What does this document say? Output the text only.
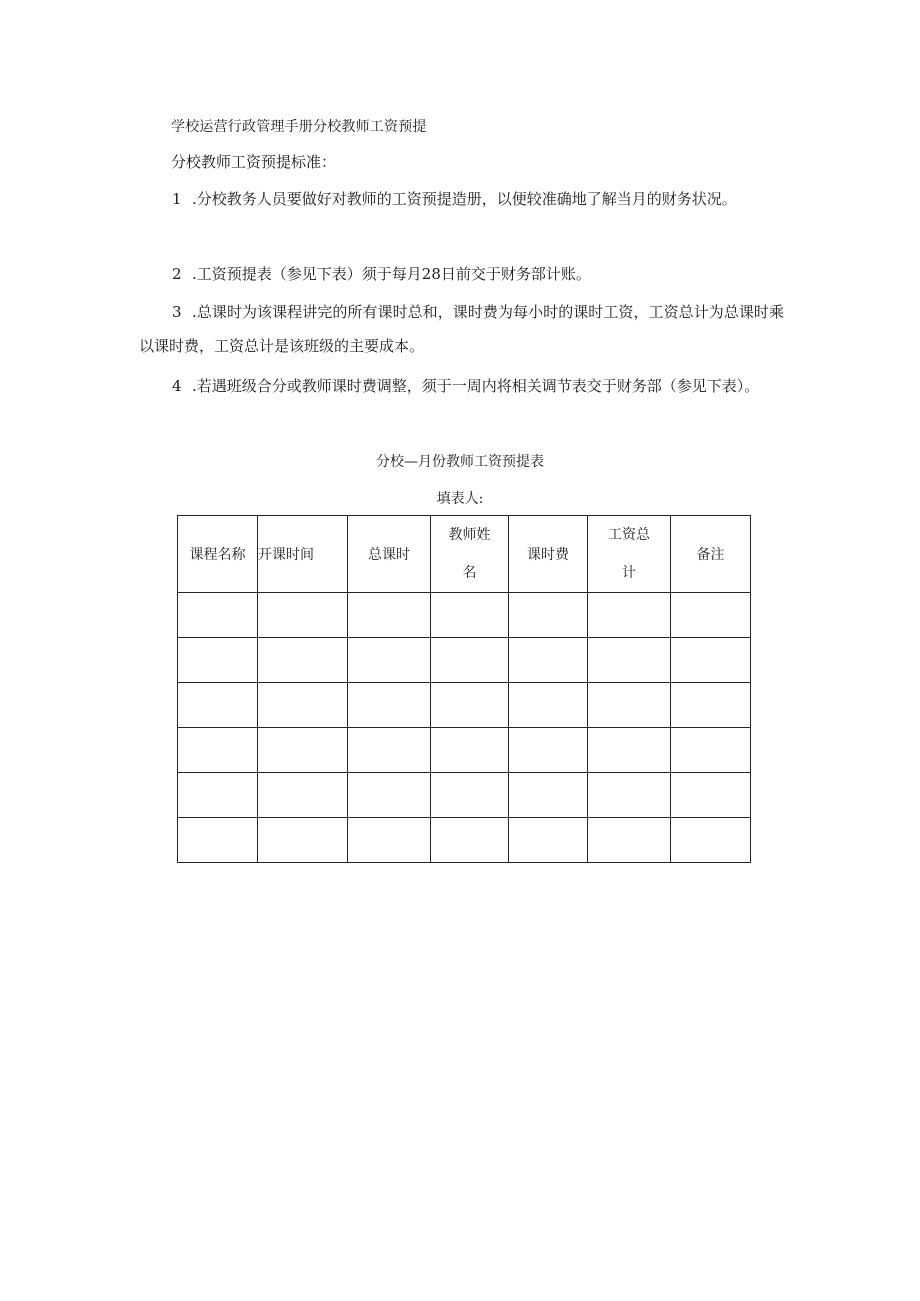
学校运营行政管理手册分校教师工资预提
分校教师工资预提标准：
1 .分校教务人员要做好对教师的工资预提造册，以便较准确地了解当月的财务状况。
2 .工资预提表（参见下表）须于每月28日前交于财务部计账。
3 .总课时为该课程讲完的所有课时总和，课时费为每小时的课时工资，工资总计为总课时乘以课时费，工资总计是该班级的主要成本。
4 .若遇班级合分或教师课时费调整，须于一周内将相关调节表交于财务部（参见下表）。
分校—月份教师工资预提表
填表人:
课程名称	开课时间	总课时	教师姓名	课时费	工资总计	备注
